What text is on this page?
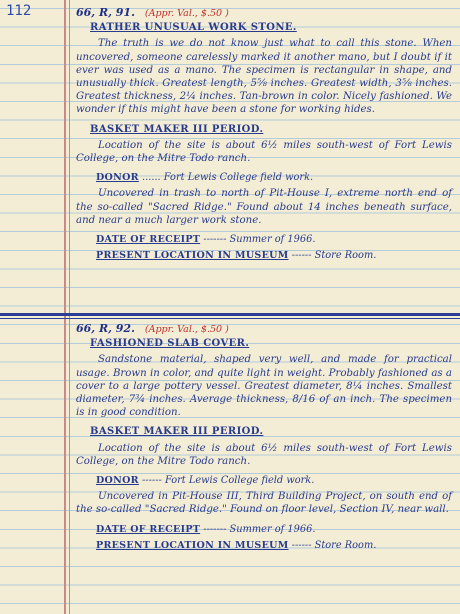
112	66, R, 91. (Appr. Val., $.50 )
RATHER UNUSUAL WORK STONE.
The truth is we do not know just what to call this stone. When uncovered, someone carelessly marked it another mano, but I doubt if it ever was used as a mano. The specimen is rectangular in shape, and unusually thick. Greatest length, 5⅝ inches. Greatest width, 3⅝ inches. Greatest thickness, 2¼ inches. Tan-brown in color. Nicely fashioned. We wonder if this might have been a stone for working hides.
BASKET MAKER III PERIOD.
Location of the site is about 6½ miles south-west of Fort Lewis College, on the Mitre Todo ranch.
DONOR ...... Fort Lewis College field work.
Uncovered in trash to north of Pit-House I, extreme north end of the so-called "Sacred Ridge." Found about 14 inches beneath surface, and near a much larger work stone.
DATE OF RECEIPT ------- Summer of 1966.
PRESENT LOCATION IN MUSEUM ------ Store Room.
66, R, 92. (Appr. Val., $.50 )
FASHIONED SLAB COVER.
Sandstone material, shaped very well, and made for practical usage. Brown in color, and quite light in weight. Probably fashioned as a cover to a large pottery vessel. Greatest diameter, 8¼ inches. Smallest diameter, 7¾ inches. Average thickness, 8/16 of an inch. The specimen is in good condition.
BASKET MAKER III PERIOD.
Location of the site is about 6½ miles south-west of Fort Lewis College, on the Mitre Todo ranch.
DONOR ------ Fort Lewis College field work.
Uncovered in Pit-House III, Third Building Project, on south end of the so-called "Sacred Ridge." Found on floor level, Section IV, near wall.
DATE OF RECEIPT ------- Summer of 1966.
PRESENT LOCATION IN MUSEUM ------ Store Room.
